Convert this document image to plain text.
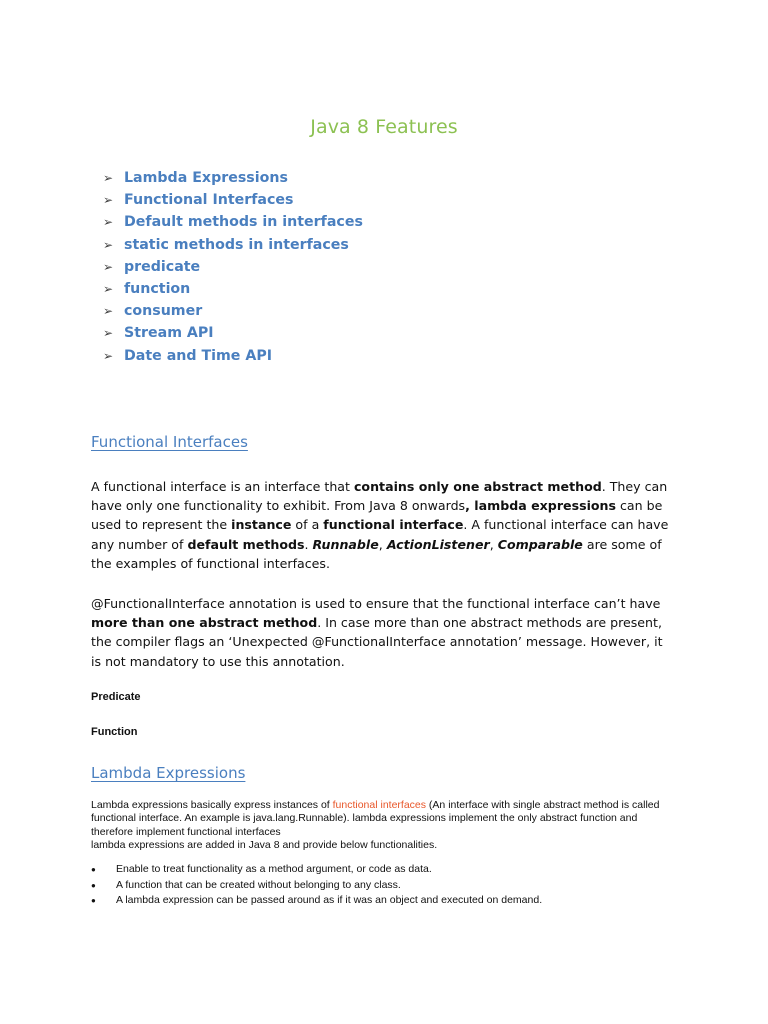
Java 8 Features
➢ Lambda Expressions
➢ Functional Interfaces
➢ Default methods in interfaces
➢ static methods in interfaces
➢ predicate
➢ function
➢ consumer
➢ Stream API
➢ Date and Time API
Functional Interfaces

A functional interface is an interface that contains only one abstract method. They can have only one functionality to exhibit. From Java 8 onwards, lambda expressions can be used to represent the instance of a functional interface. A functional interface can have any number of default methods. Runnable, ActionListener, Comparable are some of the examples of functional interfaces.

@FunctionalInterface annotation is used to ensure that the functional interface can’t have more than one abstract method. In case more than one abstract methods are present, the compiler flags an ‘Unexpected @FunctionalInterface annotation’ message. However, it is not mandatory to use this annotation.

Predicate
Function
Lambda Expressions

Lambda expressions basically express instances of functional interfaces (An interface with single abstract method is called functional interface. An example is java.lang.Runnable). lambda expressions implement the only abstract function and therefore implement functional interfaces
lambda expressions are added in Java 8 and provide below functionalities.

● Enable to treat functionality as a method argument, or code as data.
● A function that can be created without belonging to any class.
● A lambda expression can be passed around as if it was an object and executed on demand.
